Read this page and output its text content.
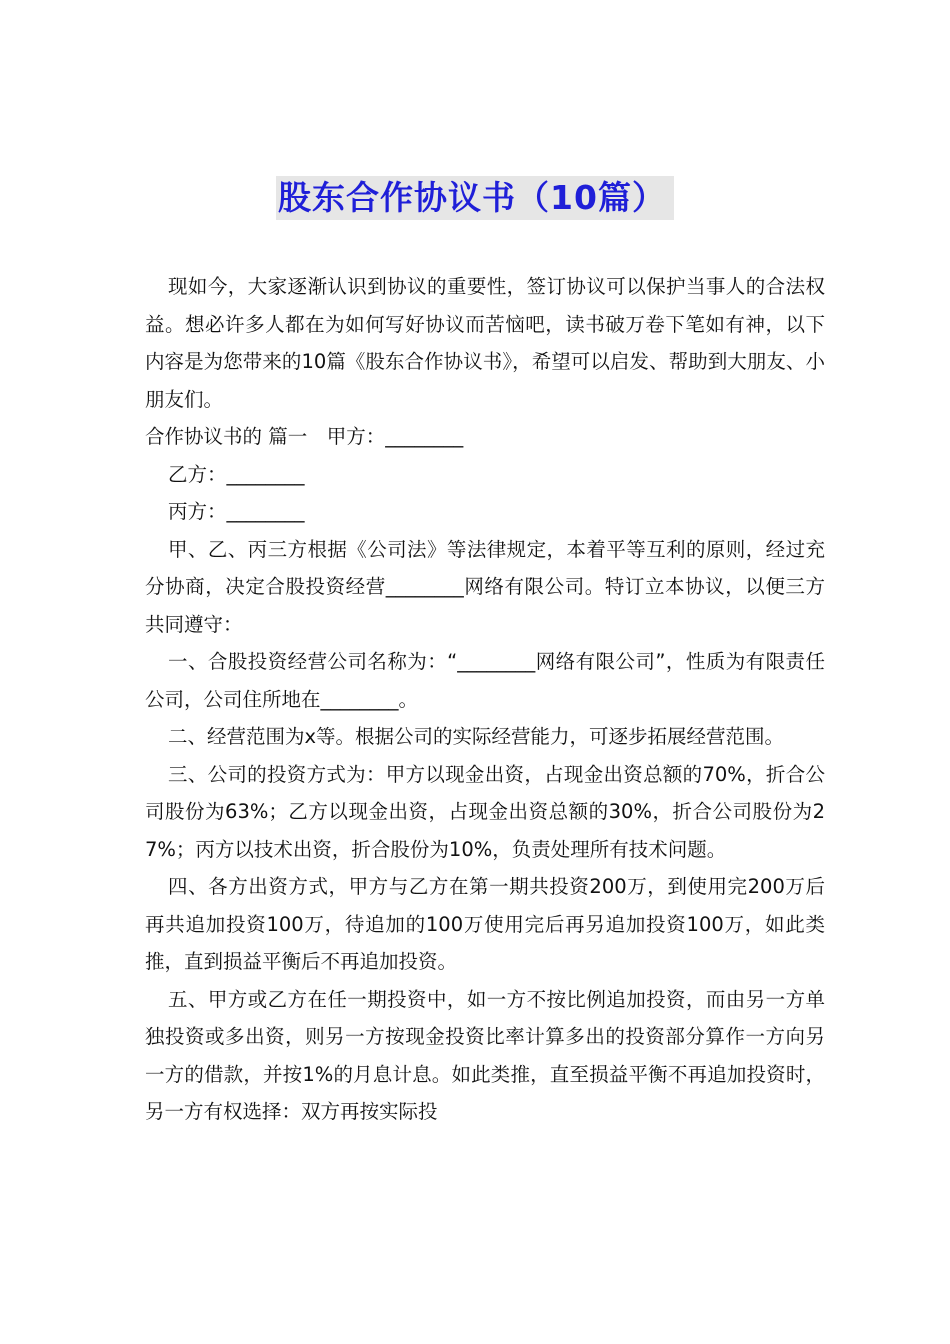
股东合作协议书（10篇）

现如今，大家逐渐认识到协议的重要性，签订协议可以保护当事人的合法权益。想必许多人都在为如何写好协议而苦恼吧，读书破万卷下笔如有神，以下内容是为您带来的10篇《股东合作协议书》，希望可以启发、帮助到大朋友、小朋友们。

合作协议书的 篇一　甲方：________

乙方：________

丙方：________

甲、乙、丙三方根据《公司法》等法律规定，本着平等互利的原则，经过充分协商，决定合股投资经营________网络有限公司。特订立本协议，以便三方共同遵守：

一、合股投资经营公司名称为：“________网络有限公司”，性质为有限责任公司，公司住所地在________。

二、经营范围为x等。根据公司的实际经营能力，可逐步拓展经营范围。

三、公司的投资方式为：甲方以现金出资，占现金出资总额的70%，折合公司股份为63%；乙方以现金出资，占现金出资总额的30%，折合公司股份为27%；丙方以技术出资，折合股份为10%，负责处理所有技术问题。

四、各方出资方式，甲方与乙方在第一期共投资200万，到使用完200万后再共追加投资100万，待追加的100万使用完后再另追加投资100万，如此类推，直到损益平衡后不再追加投资。

五、甲方或乙方在任一期投资中，如一方不按比例追加投资，而由另一方单独投资或多出资，则另一方按现金投资比率计算多出的投资部分算作一方向另一方的借款，并按1%的月息计息。如此类推，直至损益平衡不再追加投资时，另一方有权选择：双方再按实际投
